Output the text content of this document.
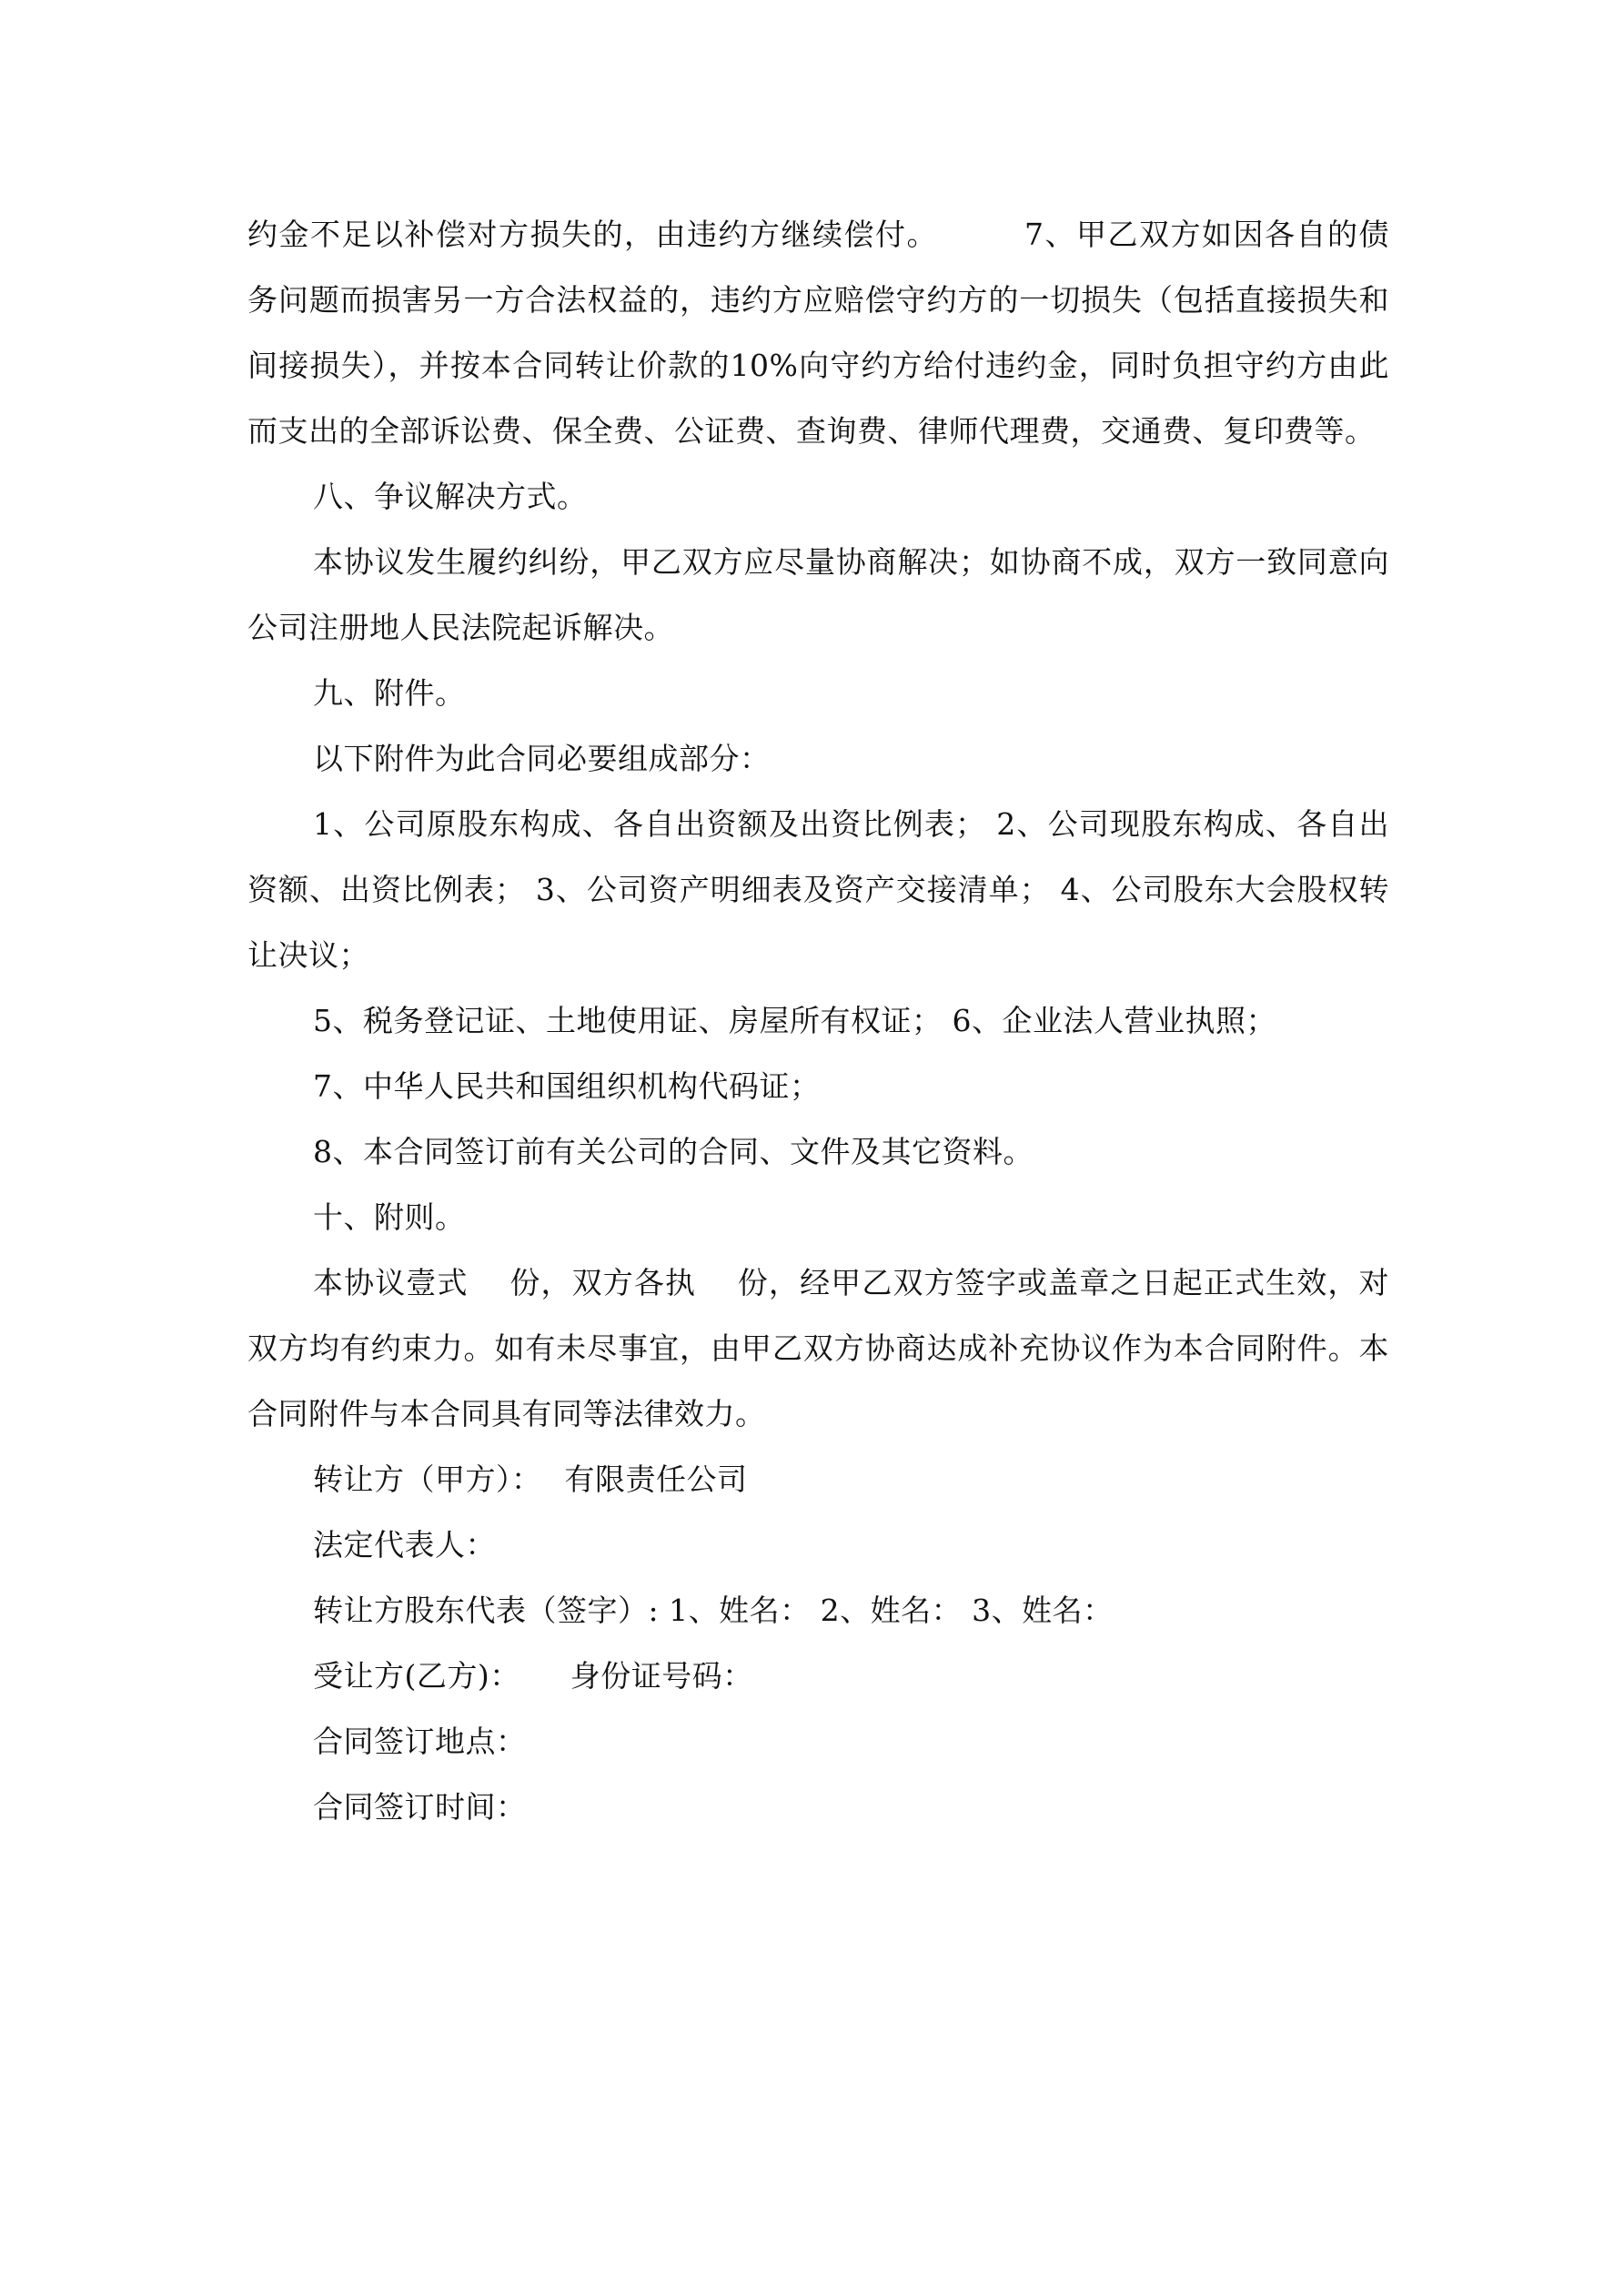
约金不足以补偿对方损失的，由违约方继续偿付。	7、甲乙双方如因各自的债务问题而损害另一方合法权益的，违约方应赔偿守约方的一切损失（包括直接损失和间接损失），并按本合同转让价款的10%向守约方给付违约金，同时负担守约方由此而支出的全部诉讼费、保全费、公证费、查询费、律师代理费，交通费、复印费等。

八、争议解决方式。

本协议发生履约纠纷，甲乙双方应尽量协商解决；如协商不成，双方一致同意向公司注册地人民法院起诉解决。

九、附件。

以下附件为此合同必要组成部分：

1、公司原股东构成、各自出资额及出资比例表； 2、公司现股东构成、各自出资额、出资比例表； 3、公司资产明细表及资产交接清单； 4、公司股东大会股权转让决议；

5、税务登记证、土地使用证、房屋所有权证； 6、企业法人营业执照；

7、中华人民共和国组织机构代码证；

8、本合同签订前有关公司的合同、文件及其它资料。

十、附则。

本协议壹式 份，双方各执 份，经甲乙双方签字或盖章之日起正式生效，对双方均有约束力。如有未尽事宜，由甲乙双方协商达成补充协议作为本合同附件。本合同附件与本合同具有同等法律效力。

转让方（甲方）： 有限责任公司

法定代表人：

转让方股东代表（签字）: 1、姓名： 2、姓名： 3、姓名：

受让方(乙方)： 身份证号码：

合同签订地点：

合同签订时间：
